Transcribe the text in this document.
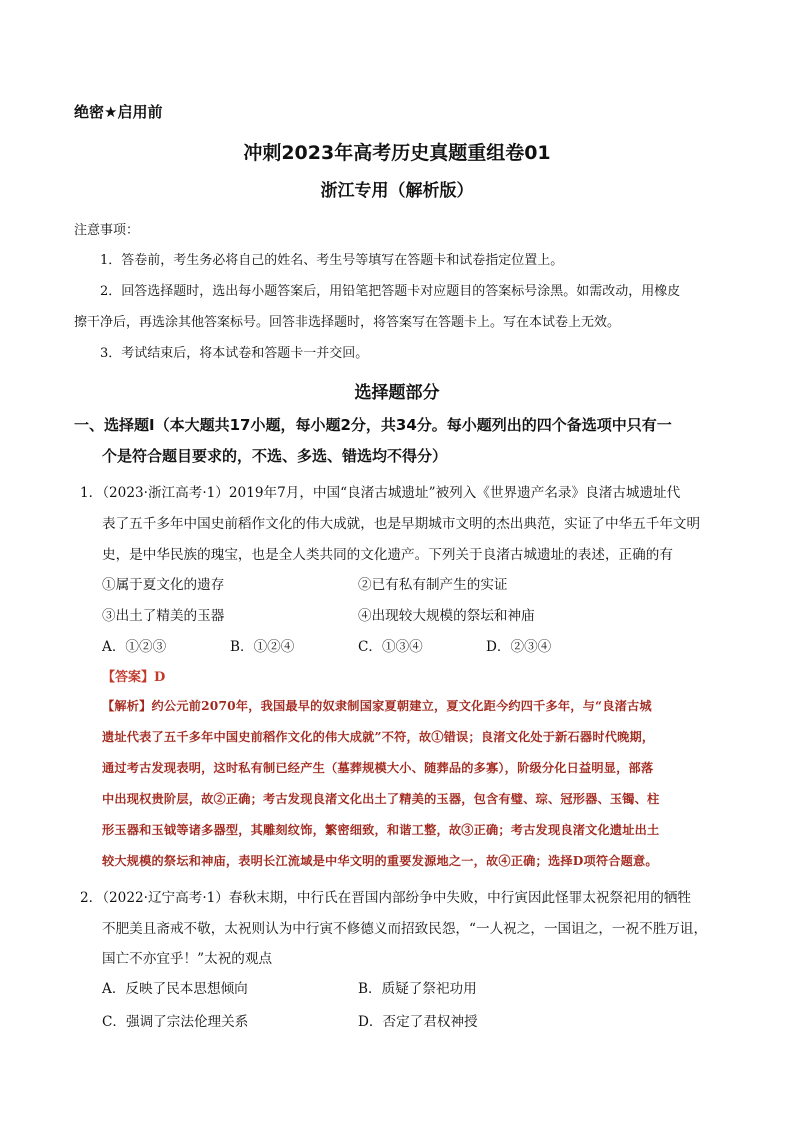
绝密★启用前
冲刺2023年高考历史真题重组卷01
浙江专用（解析版）
注意事项：
1．答卷前，考生务必将自己的姓名、考生号等填写在答题卡和试卷指定位置上。
2．回答选择题时，选出每小题答案后，用铅笔把答题卡对应题目的答案标号涂黑。如需改动，用橡皮
擦干净后，再选涂其他答案标号。回答非选择题时，将答案写在答题卡上。写在本试卷上无效。
3．考试结束后，将本试卷和答题卡一并交回。
选择题部分
一、选择题Ⅰ（本大题共17小题，每小题2分，共34分。每小题列出的四个备选项中只有一
个是符合题目要求的，不选、多选、错选均不得分）
1．（2023·浙江高考·1）2019年7月，中国“良渚古城遗址”被列入《世界遗产名录》良渚古城遗址代
表了五千多年中国史前稻作文化的伟大成就，也是早期城市文明的杰出典范，实证了中华五千年文明
史，是中华民族的瑰宝，也是全人类共同的文化遗产。下列关于良渚古城遗址的表述，正确的有
①属于夏文化的遗存	②已有私有制产生的实证
③出土了精美的玉器	④出现较大规模的祭坛和神庙
A．①②③	B．①②④	C．①③④	D．②③④
【答案】D
【解析】约公元前2070年，我国最早的奴隶制国家夏朝建立，夏文化距今约四千多年，与“良渚古城
遗址代表了五千多年中国史前稻作文化的伟大成就”不符，故①错误；良渚文化处于新石器时代晚期，
通过考古发现表明，这时私有制已经产生（墓葬规模大小、随葬品的多寡），阶级分化日益明显，部落
中出现权贵阶层，故②正确；考古发现良渚文化出土了精美的玉器，包含有璧、琮、冠形器、玉镯、柱
形玉器和玉钺等诸多器型，其雕刻纹饰，繁密细致，和谐工整，故③正确；考古发现良渚文化遗址出土
较大规模的祭坛和神庙，表明长江流域是中华文明的重要发源地之一，故④正确；选择D项符合题意。
2．（2022·辽宁高考·1）春秋末期，中行氏在晋国内部纷争中失败，中行寅因此怪罪太祝祭祀用的牺牲
不肥美且斋戒不敬，太祝则认为中行寅不修德义而招致民怨，“一人祝之，一国诅之，一祝不胜万诅，
国亡不亦宜乎！”太祝的观点
A．反映了民本思想倾向	B．质疑了祭祀功用
C．强调了宗法伦理关系	D．否定了君权神授
